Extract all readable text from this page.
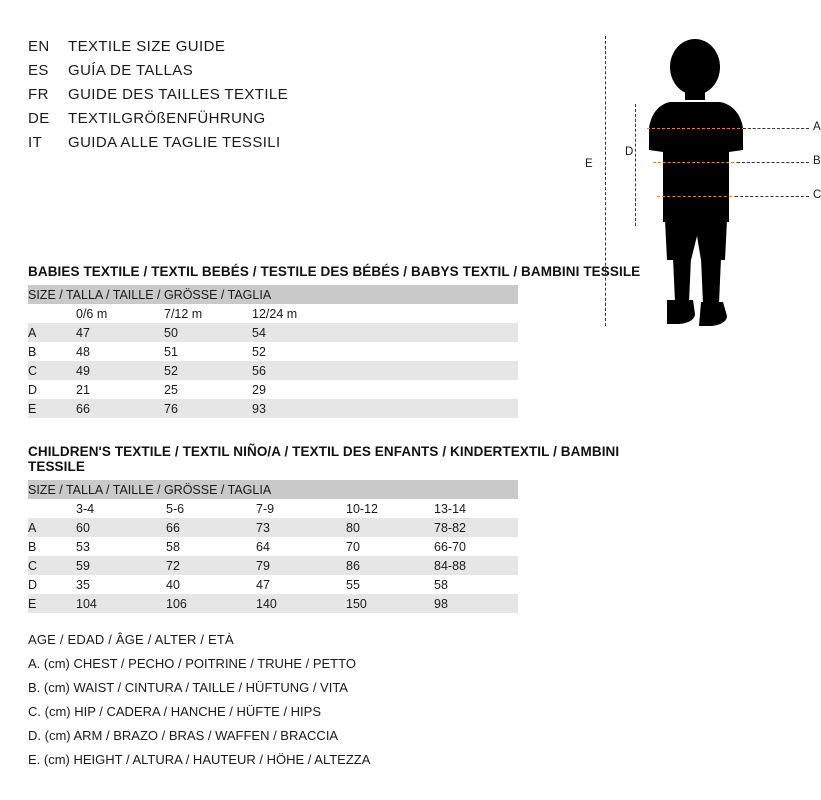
EN	TEXTILE SIZE GUIDE
ES	GUÍA DE TALLAS
FR	GUIDE DES TAILLES TEXTILE
DE	TEXTILGRÖßENFÜHRUNG
IT	GUIDA ALLE TAGLIE TESSILI
BABIES TEXTILE / TEXTIL BEBÉS / TESTILE DES BÉBÉS / BABYS TEXTIL / BAMBINI TESSILE
SIZE / TALLA / TAILLE / GRÖSSE / TAGLIA				
	0/6 m	7/12 m	12/24 m	
A	47	50	54	
B	48	51	52	
C	49	52	56	
D	21	25	29	
E	66	76	93	
CHILDREN'S TEXTILE / TEXTIL NIÑO/A / TEXTIL DES ENFANTS / KINDERTEXTIL / BAMBINI TESSILE
SIZE / TALLA / TAILLE / GRÖSSE / TAGLIA					
	3-4	5-6	7-9	10-12	13-14
A	60	66	73	80	78-82
B	53	58	64	70	66-70
C	59	72	79	86	84-88
D	35	40	47	55	58
E	104	106	140	150	98
AGE / EDAD / ÂGE / ALTER / ETÀ
A. (cm) CHEST / PECHO / POITRINE / TRUHE / PETTO
B. (cm) WAIST / CINTURA / TAILLE / HÜFTUNG / VITA
C. (cm) HIP / CADERA / HANCHE / HÜFTE / HIPS
D. (cm) ARM / BRAZO / BRAS / WAFFEN / BRACCIA
E. (cm) HEIGHT / ALTURA / HAUTEUR / HÖHE / ALTEZZA
A
B
C
D
E
